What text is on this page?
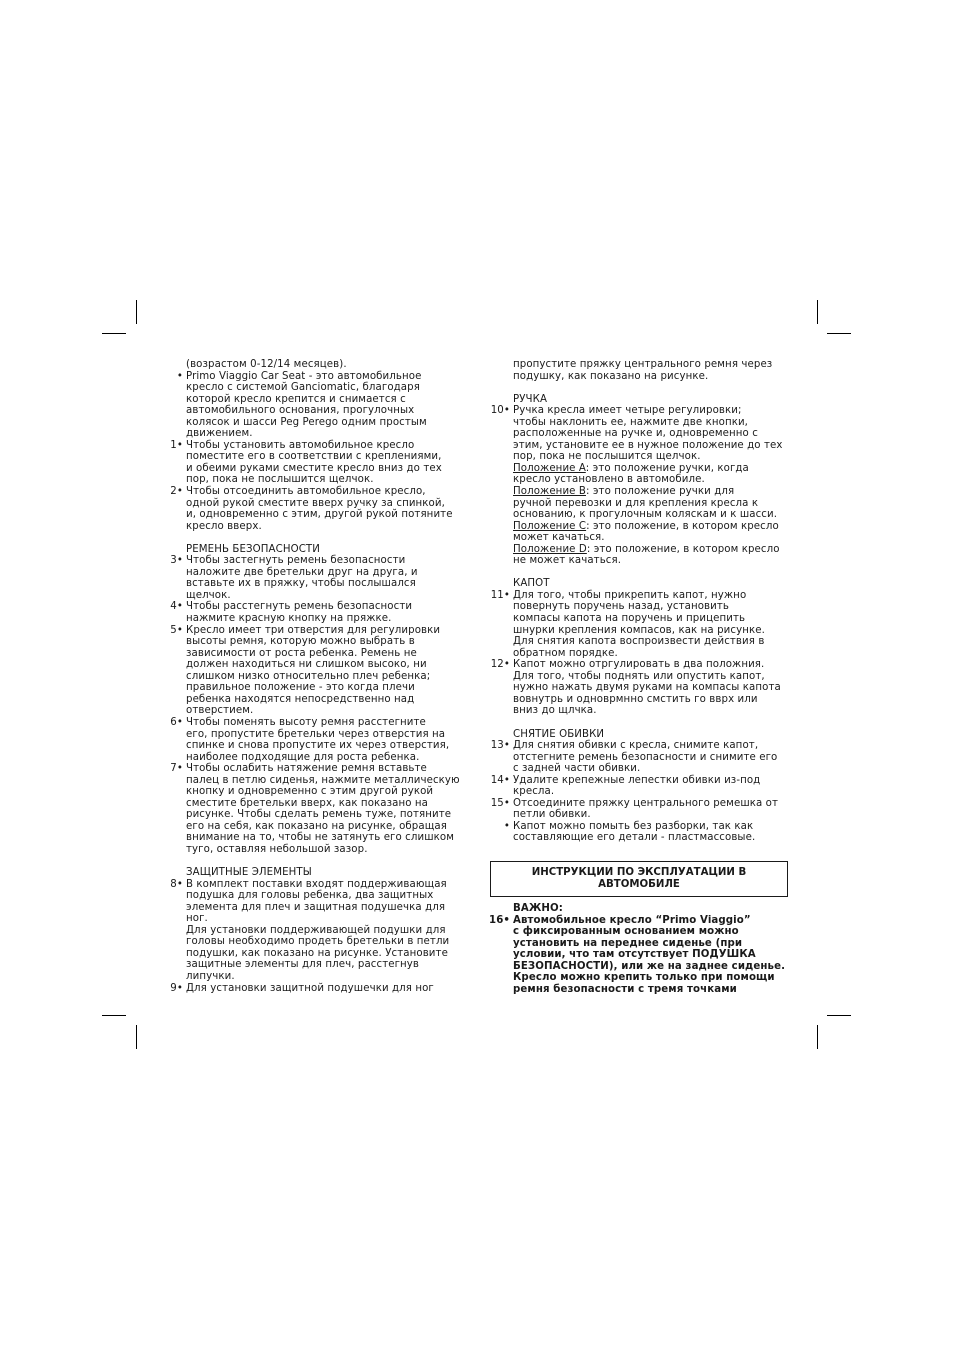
(возрастом 0-12/14 месяцев).
• Primo Viaggio Car Seat - это автомобильное
кресло с системой Ganciomatic, благодаря
которой кресло крепится и снимается с
автомобильного основания, прогулочных
колясок и шасси Peg Perego одним простым
движением.
1• Чтобы установить автомобильное кресло
поместите его в соответствии с креплениями,
и обеими руками сместите кресло вниз до тех
пор, пока не послышится щелчок.
2• Чтобы отсоединить автомобильное кресло,
одной рукой сместите вверх ручку за спинкой,
и, одновременно с этим, другой рукой потяните
кресло вверх.
РЕМЕНЬ БЕЗОПАСНОСТИ
3• Чтобы застегнуть ремень безопасности
наложите две бретельки друг на друга, и
вставьте их в пряжку, чтобы послышался
щелчок.
4• Чтобы расстегнуть ремень безопасности
нажмите красную кнопку на пряжке.
5• Кресло имеет три отверстия для регулировки
высоты ремня, которую можно выбрать в
зависимости от роста ребенка. Ремень не
должен находиться ни слишком высоко, ни
слишком низко относительно плеч ребенка;
правильное положение - это когда плечи
ребенка находятся непосредственно над
отверстием.
6• Чтобы поменять высоту ремня расстегните
его, пропустите бретельки через отверстия на
спинке и снова пропустите их через отверстия,
наиболее подходящие для роста ребенка.
7• Чтобы ослабить натяжение ремня вставьте
палец в петлю сиденья, нажмите металлическую
кнопку и одновременно с этим другой рукой
сместите бретельки вверх, как показано на
рисунке. Чтобы сделать ремень туже, потяните
его на себя, как показано на рисунке, обращая
внимание на то, чтобы не затянуть его слишком
туго, оставляя небольшой зазор.
ЗАЩИТНЫЕ ЭЛЕМЕНТЫ
8• В комплект поставки входят поддерживающая
подушка для головы ребенка, два защитных
элемента для плеч и защитная подушечка для
ног.
Для установки поддерживающей подушки для
головы необходимо продеть бретельки в петли
подушки, как показано на рисунке. Установите
защитные элементы для плеч, расстегнув
липучки.
9• Для установки защитной подушечки для ног
пропустите пряжку центрального ремня через
подушку, как показано на рисунке.
РУЧКА
10• Ручка кресла имеет четыре регулировки;
чтобы наклонить ее, нажмите две кнопки,
расположенные на ручке и, одновременно с
этим, установите ее в нужное положение до тех
пор, пока не послышится щелчок.
Положение A: это положение ручки, когда
кресло установлено в автомобиле.
Положение B: это положение ручки для
ручной перевозки и для крепления кресла к
основанию, к прогулочным коляскам и к шасси.
Положение C: это положение, в котором кресло
может качаться.
Положение D: это положение, в котором кресло
не может качаться.
КАПОТ
11• Для того, чтобы прикрепить капот, нужно
повернуть поручень назад, установить
компасы капота на поручень и прицепить
шнурки крепления компасов, как на рисунке.
Для снятия капота воспроизвести действия в
обратном порядке.
12• Капот можно отргулировать в два положния.
Для того, чтобы поднять или опустить капот,
нужно нажать двумя руками на компасы капота
вовнутрь и одноврмнно смстить го вврх или
вниз до щлчка.
СНЯТИЕ ОБИВКИ
13• Для снятия обивки с кресла, снимите капот,
отстегните ремень безопасности и снимите его
с задней части обивки.
14• Удалите крепежные лепестки обивки из-под
кресла.
15• Отсоедините пряжку центрального ремешка от
петли обивки.
• Капот можно помыть без разборки, так как
составляющие его детали - пластмассовые.
ИНСТРУКЦИИ ПО ЭКСПЛУАТАЦИИ В
АВТОМОБИЛЕ
ВАЖНО:
16• Автомобильное кресло “Primo Viaggio”
с фиксированным основанием можно
установить на переднее сиденье (при
условии, что там отсутствует ПОДУШКА
БЕЗОПАСНОСТИ), или же на заднее сиденье.
Кресло можно крепить только при помощи
ремня безопасности с тремя точками
